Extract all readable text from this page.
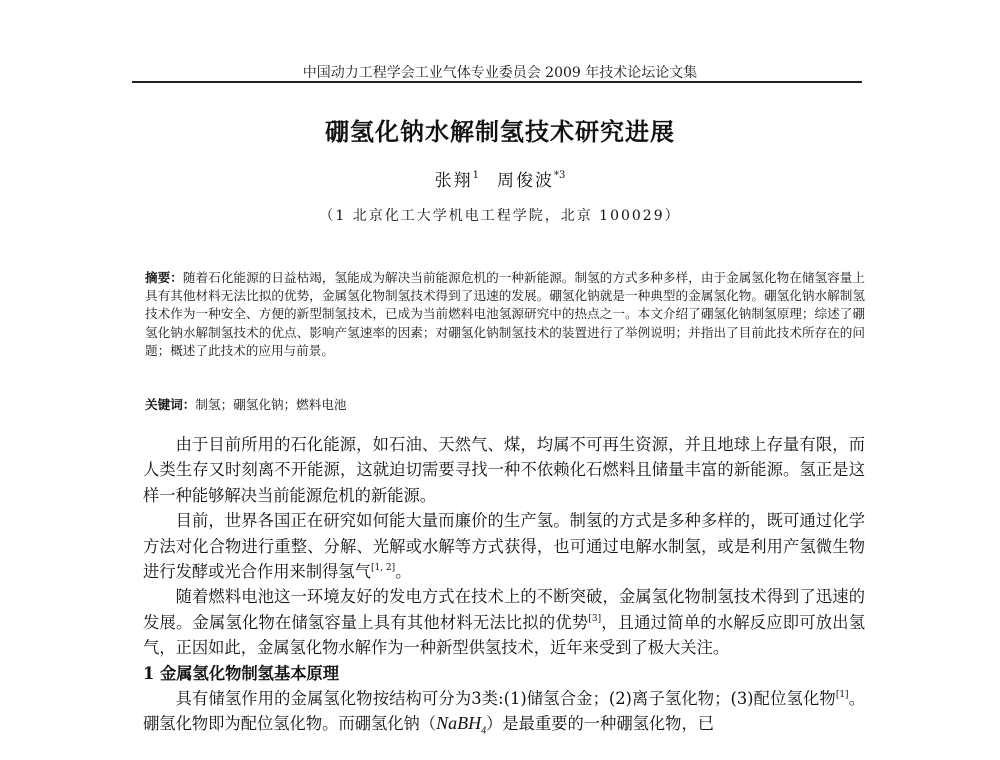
中国动力工程学会工业气体专业委员会 2009 年技术论坛论文集
硼氢化钠水解制氢技术研究进展
张翔$^1$ 周俊波$^{*3}$
（1 北京化工大学机电工程学院，北京 100029）
摘要：随着石化能源的日益枯竭，氢能成为解决当前能源危机的一种新能源。制氢的方式多种多样，由于金属氢化物在储氢容量上具有其他材料无法比拟的优势，金属氢化物制氢技术得到了迅速的发展。硼氢化钠就是一种典型的金属氢化物。硼氢化钠水解制氢技术作为一种安全、方便的新型制氢技术，已成为当前燃料电池氢源研究中的热点之一。本文介绍了硼氢化钠制氢原理；综述了硼氢化钠水解制氢技术的优点、影响产氢速率的因素；对硼氢化钠制氢技术的装置进行了举例说明；并指出了目前此技术所存在的问题；概述了此技术的应用与前景。
关键词：制氢；硼氢化钠；燃料电池

由于目前所用的石化能源，如石油、天然气、煤，均属不可再生资源，并且地球上存量有限，而人类生存又时刻离不开能源，这就迫切需要寻找一种不依赖化石燃料且储量丰富的新能源。氢正是这样一种能够解决当前能源危机的新能源。

目前，世界各国正在研究如何能大量而廉价的生产氢。制氢的方式是多种多样的，既可通过化学方法对化合物进行重整、分解、光解或水解等方式获得，也可通过电解水制氢，或是利用产氢微生物进行发酵或光合作用来制得氢气[1, 2]。

随着燃料电池这一环境友好的发电方式在技术上的不断突破，金属氢化物制氢技术得到了迅速的发展。金属氢化物在储氢容量上具有其他材料无法比拟的优势[3]，且通过简单的水解反应即可放出氢气，正因如此，金属氢化物水解作为一种新型供氢技术，近年来受到了极大关注。

1 金属氢化物制氢基本原理

具有储氢作用的金属氢化物按结构可分为3类:(1)储氢合金；(2)离子氢化物；(3)配位氢化物[1]。硼氢化物即为配位氢化物。而硼氢化钠（NaBH$_4$）是最重要的一种硼氢化物，已
